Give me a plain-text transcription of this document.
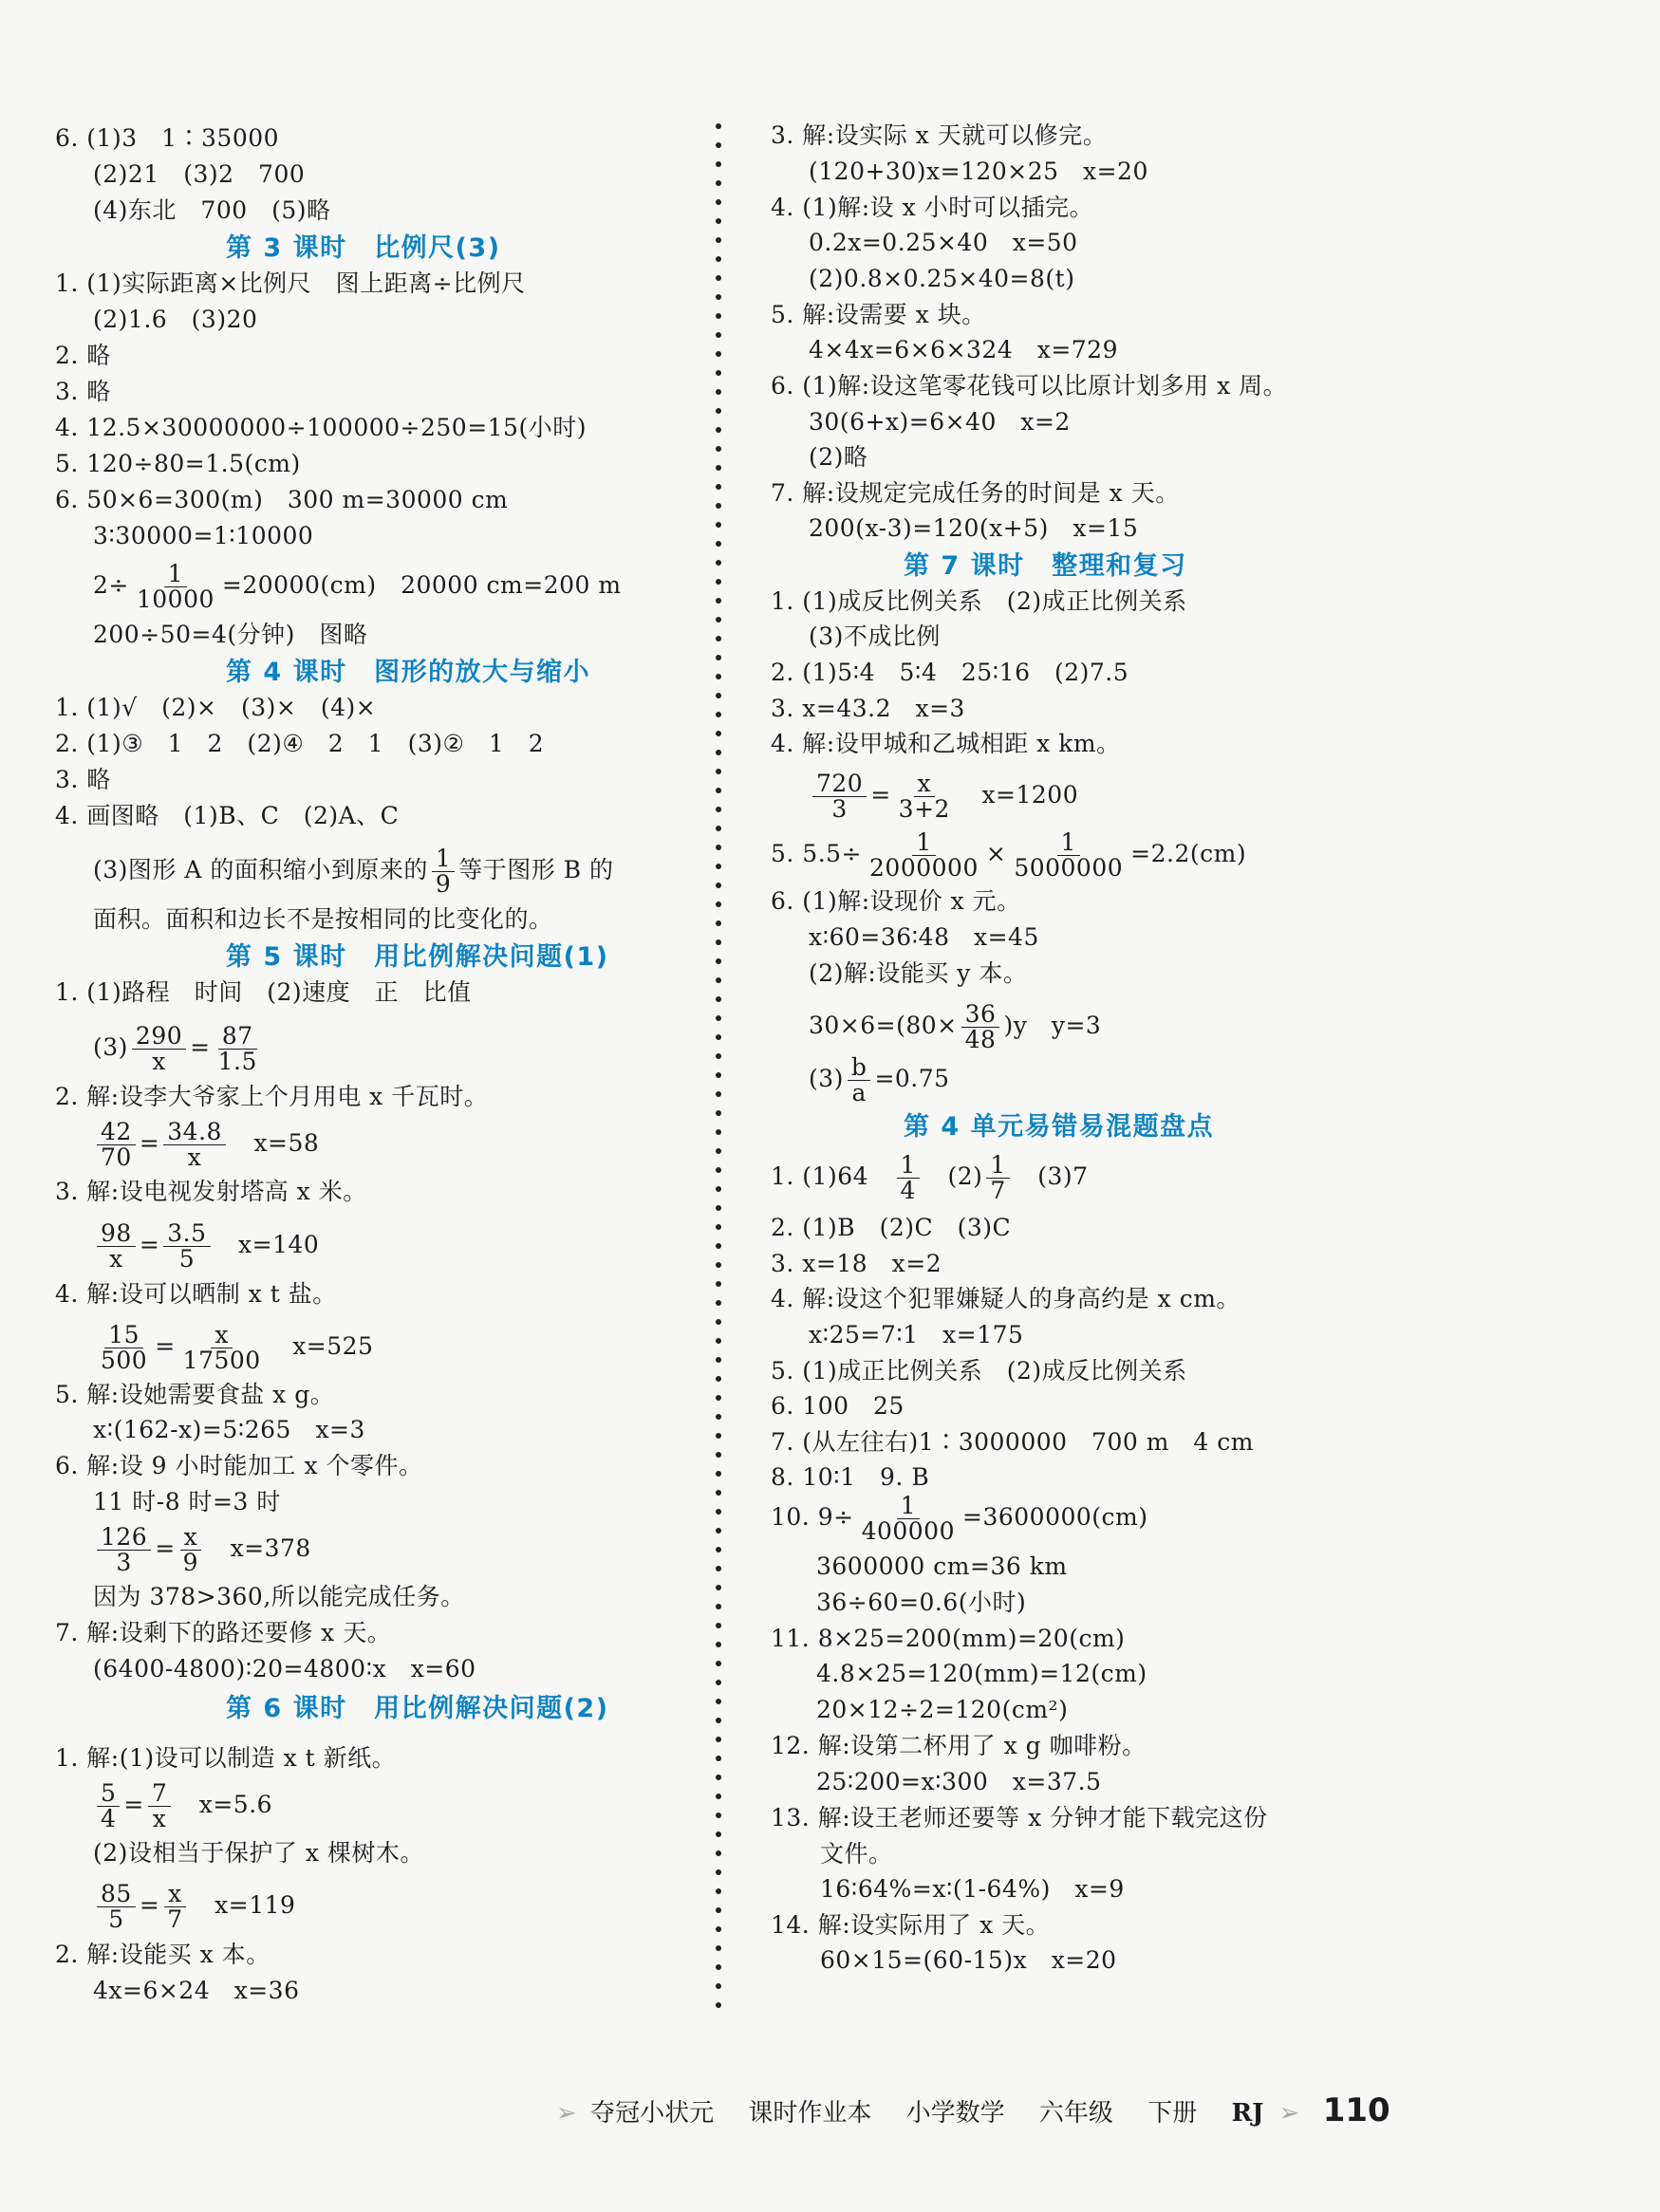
6. (1)3　1∶35000
(2)21　(3)2　700
(4)东北　700　(5)略
第 3 课时　比例尺(3)
1. (1)实际距离×比例尺　图上距离÷比例尺
(2)1.6　(3)20
2. 略
3. 略
4. 12.5×30000000÷100000÷250=15(小时)
5. 120÷80=1.5(cm)
6. 50×6=300(m)　300 m=30000 cm
3∶30000=1∶10000
$2\div \frac{1}{10000} =20000(cm)$　20000 cm=200 m
200÷50=4(分钟)　图略
第 4 课时　图形的放大与缩小
1. (1)√　(2)×　(3)×　(4)×
2. (1)③　1　2　(2)④　2　1　(3)②　1　2
3. 略
4. 画图略　(1)B、C　(2)A、C
(3)图形 A 的面积缩小到原来的 $\frac{1}{9}$ 等于图形 B 的
面积。面积和边长不是按相同的比变化的。
第 5 课时　用比例解决问题(1)
1. (1)路程　时间　(2)速度　正　比值
$(3) \frac{290}{x} = \frac{87}{1.5}$
2. 解:设李大爷家上个月用电 x 千瓦时。
$\frac{42}{70} = \frac{34.8}{x}$ 　x=58
3. 解:设电视发射塔高 x 米。
$\frac{98}{x} = \frac{3.5}{5}$ 　x=140
4. 解:设可以晒制 x t 盐。
$\frac{15}{500} = \frac{x}{17500}$ 　x=525
5. 解:设她需要食盐 x g。
x∶(162-x)=5∶265　x=3
6. 解:设 9 小时能加工 x 个零件。
11 时-8 时=3 时
$\frac{126}{3} = \frac{x}{9}$ 　x=378
因为 378>360,所以能完成任务。
7. 解:设剩下的路还要修 x 天。
(6400-4800)∶20=4800∶x　x=60
第 6 课时　用比例解决问题(2)
1. 解:(1)设可以制造 x t 新纸。
$\frac{5}{4} = \frac{7}{x}$ 　x=5.6
(2)设相当于保护了 x 棵树木。
$\frac{85}{5} = \frac{x}{7}$ 　x=119
2. 解:设能买 x 本。
4x=6×24　x=36
3. 解:设实际 x 天就可以修完。
(120+30)x=120×25　x=20
4. (1)解:设 x 小时可以插完。
0.2x=0.25×40　x=50
(2)0.8×0.25×40=8(t)
5. 解:设需要 x 块。
4×4x=6×6×324　x=729
6. (1)解:设这笔零花钱可以比原计划多用 x 周。
30(6+x)=6×40　x=2
(2)略
7. 解:设规定完成任务的时间是 x 天。
200(x-3)=120(x+5)　x=15
第 7 课时　整理和复习
1. (1)成反比例关系　(2)成正比例关系
(3)不成比例
2. (1)5∶4　5∶4　25∶16　(2)7.5
3. x=43.2　x=3
4. 解:设甲城和乙城相距 x km。
$\frac{720}{3} = \frac{x}{3+2}$ 　x=1200
5. $5.5\div \frac{1}{2000000} \times \frac{1}{5000000} =2.2(cm)$
6. (1)解:设现价 x 元。
x∶60=36∶48　x=45
(2)解:设能买 y 本。
$30\times 6=(80\times \frac{36}{48} )y$　y=3
$(3) \frac{b}{a} =0.75$
第 4 单元易错易混题盘点
1. (1)64　 $\frac{1}{4}$ 　$(2) \frac{1}{7}$ 　(3)7
2. (1)B　(2)C　(3)C
3. x=18　x=2
4. 解:设这个犯罪嫌疑人的身高约是 x cm。
x∶25=7∶1　x=175
5. (1)成正比例关系　(2)成反比例关系
6. 100　25
7. (从左往右)1∶3000000　700 m　4 cm
8. 10∶1　9. B
10. $9\div \frac{1}{400000} =3600000(cm)$
3600000 cm=36 km
36÷60=0.6(小时)
11. 8×25=200(mm)=20(cm)
4.8×25=120(mm)=12(cm)
20×12÷2=120(cm²)
12. 解:设第二杯用了 x g 咖啡粉。
25∶200=x∶300　x=37.5
13. 解:设王老师还要等 x 分钟才能下载完这份
文件。
16∶64%=x∶(1-64%)　x=9
14. 解:设实际用了 x 天。
60×15=(60-15)x　x=20
➢ 夺冠小状元 课时作业本 小学数学 六年级 下册 RJ ➢ 110
